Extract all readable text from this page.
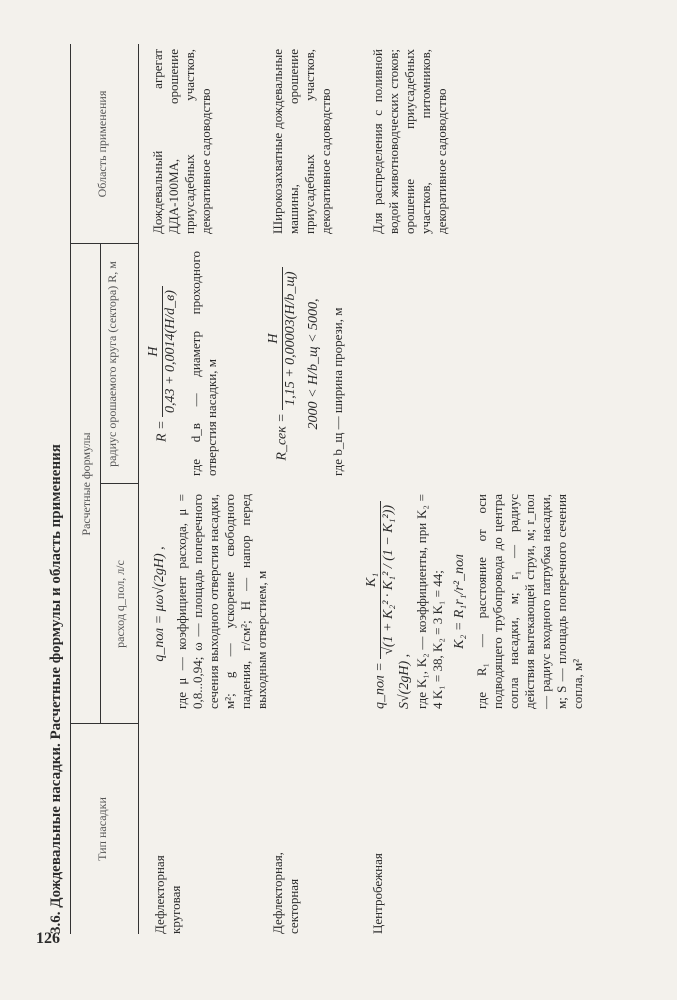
126
3.6. Дождевальные насадки. Расчетные формулы и область применения	Тип насадки
Расчетные формулы
расход q_пол, л/с
радиус орошаемого круга (сектора) R, м
Область применения
Дефлекторная круговая
q_пол = μω√(2gH) , где μ — коэффициент расхода, μ = 0,8...0,94; ω — площадь поперечного сечения выходного отверстия насадки, м²; g — ускорение свободного падения, г/см²; H — напор перед выходным отверстием, м
R =
H 0,43 + 0,0014(H/d_в) где d_в — диаметр проходного отверстия насадки, м
Дождевальный агрегат ДДА-100МА, орошение приусадебных участков, декоративное садоводство
Дефлекторная, секторная
R_сек =
H 1,15 + 0,00003(H/b_щ) 2000 < H/b_щ < 5000, где b_щ — ширина прорези, м
Широкозахватные дождевальные машины, орошение приусадебных участков, декоративное садоводство
Центробежная
q_пол =
K₁ √(1 + K₂² · K₁² / (1 − K₁²))
S√(2gH) , где K₁, K₂ — коэффициенты, при K₂ = 4 K₁ = 38, K₂ = 3 K₁ = 44; K₂ = R₁r₁/r²_пол где R₁ — расстояние от оси подводящего трубопровода до центра сопла насадки, м; r₁ — радиус действия вытекающей струи, м; r_пол — радиус входного патрубка насадки, м; S — площадь поперечного сечения сопла, м²
Для распределения с поливной водой животноводческих стоков; орошение приусадебных участков, питомников, декоративное садоводство
